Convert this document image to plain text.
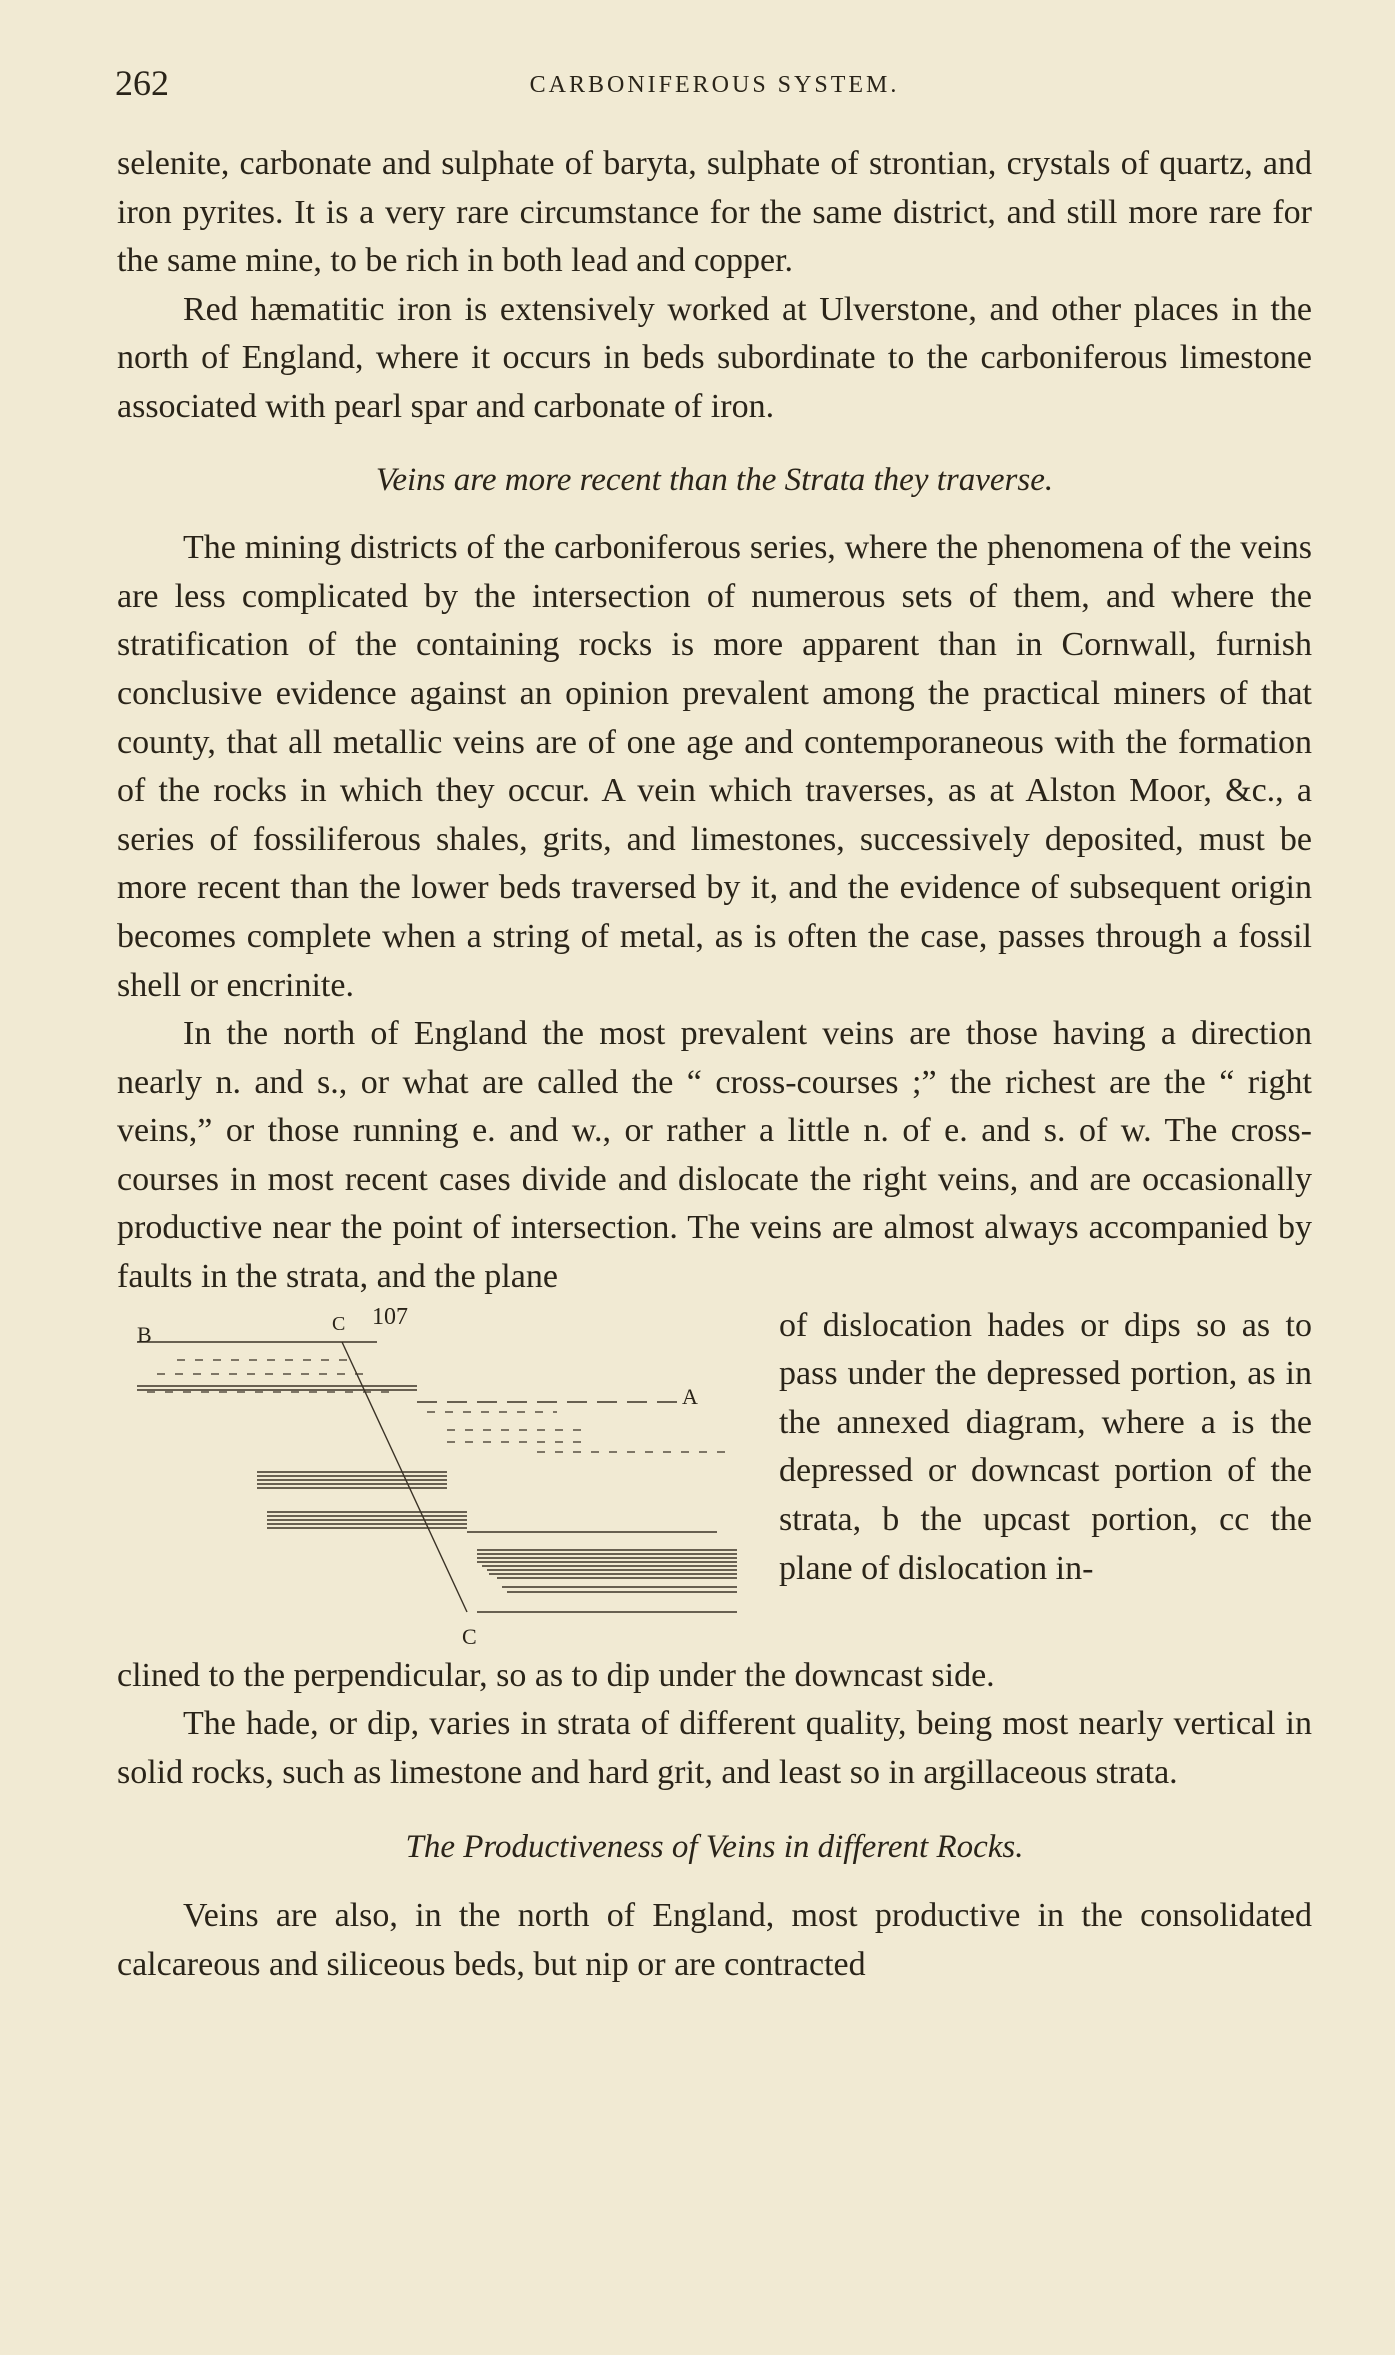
262	CARBONIFEROUS SYSTEM.

selenite, carbonate and sulphate of baryta, sulphate of strontian, crystals of quartz, and iron pyrites. It is a very rare circumstance for the same district, and still more rare for the same mine, to be rich in both lead and copper.

Red hæmatitic iron is extensively worked at Ulverstone, and other places in the north of England, where it occurs in beds subordinate to the carboniferous limestone associated with pearl spar and carbonate of iron.

Veins are more recent than the Strata they traverse.

The mining districts of the carboniferous series, where the phenomena of the veins are less complicated by the intersection of numerous sets of them, and where the stratification of the containing rocks is more apparent than in Cornwall, furnish conclusive evidence against an opinion prevalent among the practical miners of that county, that all metallic veins are of one age and contemporaneous with the formation of the rocks in which they occur. A vein which traverses, as at Alston Moor, &c., a series of fossiliferous shales, grits, and limestones, successively deposited, must be more recent than the lower beds traversed by it, and the evidence of subsequent origin becomes complete when a string of metal, as is often the case, passes through a fossil shell or encrinite.

In the north of England the most prevalent veins are those having a direction nearly n. and s., or what are called the “ cross-courses ;” the richest are the “ right veins,” or those running e. and w., or rather a little n. of e. and s. of w. The cross-courses in most recent cases divide and dislocate the right veins, and are occasionally productive near the point of intersection. The veins are almost always accompanied by faults in the strata, and the plane

107
B	C
A
C

of dislocation hades or dips so as to pass under the depressed portion, as in the annexed diagram, where a is the depressed or downcast portion of the strata, b the upcast portion, cc the plane of dislocation in-

clined to the perpendicular, so as to dip under the downcast side.

The hade, or dip, varies in strata of different quality, being most nearly vertical in solid rocks, such as limestone and hard grit, and least so in argillaceous strata.

The Productiveness of Veins in different Rocks.

Veins are also, in the north of England, most productive in the consolidated calcareous and siliceous beds, but nip or are contracted
